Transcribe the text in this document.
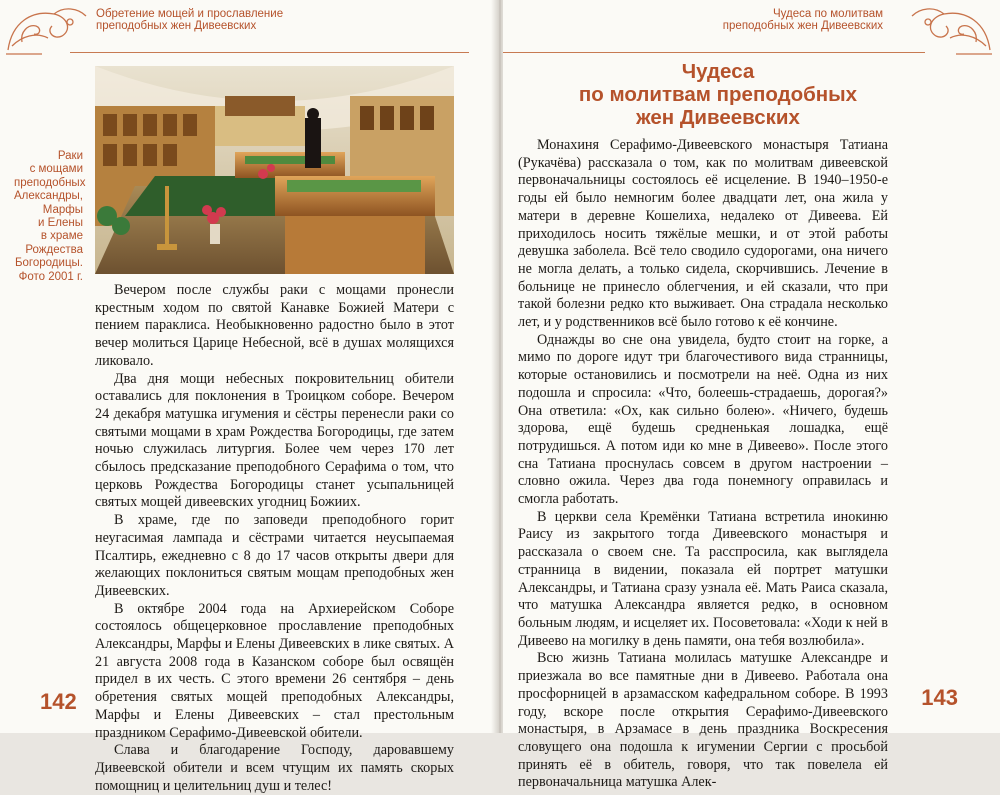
Обретение мощей и прославление
преподобных жен Дивеевских
Раки
с мощами
преподобных
Александры,
Марфы
и Елены
в храме
Рождества
Богородицы.
Фото 2001 г.

Вечером после службы раки с мощами пронесли крестным ходом по святой Канавке Божией Матери с пением параклиса. Необыкновенно радостно было в этот вечер молиться Царице Небесной, всё в душах молящихся ликовало.

Два дня мощи небесных покровительниц обители оставались для поклонения в Троицком соборе. Вечером 24 декабря матушка игумения и сёстры перенесли раки со святыми мощами в храм Рождества Богородицы, где затем ночью служилась литургия. Более чем через 170 лет сбылось предсказание преподобного Серафима о том, что церковь Рождества Богородицы станет усыпальницей святых мощей дивеевских угодниц Божиих.

В храме, где по заповеди преподобного горит неугасимая лампада и сёстрами читается неусыпаемая Псалтирь, ежедневно с 8 до 17 часов открыты двери для желающих поклониться святым мощам преподобных жен Дивеевских.

В октябре 2004 года на Архиерейском Соборе состоялось общецерковное прославление преподобных Александры, Марфы и Елены Дивеевских в лике святых. А 21 августа 2008 года в Казанском соборе был освящён придел в их честь. С этого времени 26 сентября – день обретения святых мощей преподобных Александры, Марфы и Елены Дивеевских – стал престольным праздником Серафимо-Дивеевской обители.

Слава и благодарение Господу, даровавшему Дивеевской обители и всем чтущим их память скорых помощниц и целительниц душ и телес!

142
Чудеса по молитвам
преподобных жен Дивеевских
Чудеса
по молитвам преподобных
жен Дивеевских

Монахиня Серафимо-Дивеевского монастыря Татиана (Рукачёва) рассказала о том, как по молитвам дивеевской первоначальницы состоялось её исцеление. В 1940–1950-е годы ей было немногим более двадцати лет, она жила у матери в деревне Кошелиха, недалеко от Дивеева. Ей приходилось носить тяжёлые мешки, и от этой работы девушка заболела. Всё тело сводило судорогами, она ничего не могла делать, а только сидела, скорчившись. Лечение в больнице не принесло облегчения, и ей сказали, что при такой болезни редко кто выживает. Она страдала несколько лет, и у родственников всё было готово к её кончине.

Однажды во сне она увидела, будто стоит на горке, а мимо по дороге идут три благочестивого вида странницы, которые остановились и посмотрели на неё. Одна из них подошла и спросила: «Что, болеешь-страдаешь, дорогая?» Она ответила: «Ох, как сильно болею». «Ничего, будешь здорова, ещё будешь средненькая лошадка, ещё потрудишься. А потом иди ко мне в Дивеево». После этого сна Татиана проснулась совсем в другом настроении – словно ожила. Через два года понемногу оправилась и смогла работать.

В церкви села Кремёнки Татиана встретила инокиню Раису из закрытого тогда Дивеевского монастыря и рассказала о своем сне. Та расспросила, как выглядела странница в видении, показала ей портрет матушки Александры, и Татиана сразу узнала её. Мать Раиса сказала, что матушка Александра является редко, в основном больным людям, и исцеляет их. Посоветовала: «Ходи к ней в Дивеево на могилку в день памяти, она тебя возлюбила».

Всю жизнь Татиана молилась матушке Александре и приезжала во все памятные дни в Дивеево. Работала она просфорницей в арзамасском кафедральном соборе. В 1993 году, вскоре после открытия Серафимо-Дивеевского монастыря, в Арзамасе в день праздника Воскресения словущего она подошла к игумении Сергии с просьбой принять её в обитель, говоря, что так повелела ей первоначальница матушка Алек-

143
